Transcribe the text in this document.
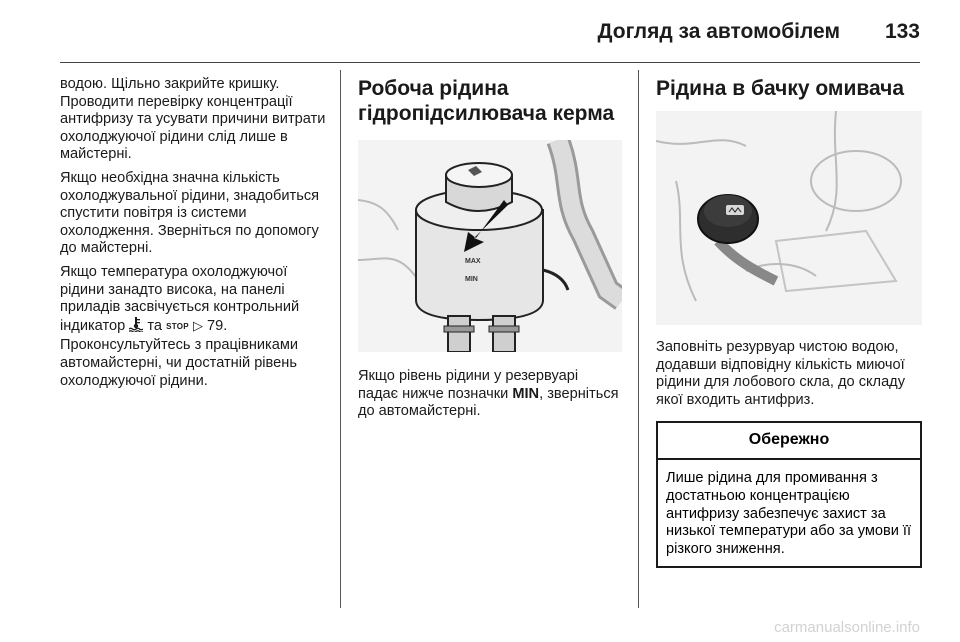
Догляд за автомобілем 133

водою. Щільно закрийте кришку. Проводити перевірку концентрації антифризу та усувати причини витрати охолоджуючої рідини слід лише в майстерні.

Якщо необхідна значна кількість охолоджувальної рідини, знадобиться спустити повітря із системи охолодження. Зверніться по допомогу до майстерні.

Якщо температура охолоджуючої рідини занадто висока, на панелі приладів засвічується контрольний індикатор та STOP ▷ 79. Проконсультуйтесь з працівниками автомайстерні, чи достатній рівень охолоджуючої рідини.

Робоча рідина гідропідсилювача керма
MAX
MIN

Якщо рівень рідини у резервуарі падає нижче позначки MIN, зверніться до автомайстерні.

Рідина в бачку омивача

Заповніть резурвуар чистою водою, додавши відповідну кількість миючої рідини для лобового скла, до складу якої входить антифриз.

Обережно
Лише рідина для промивання з достатньою концентрацією антифризу забезпечує захист за низької температури або за умови її різкого зниження.
carmanualsonline.info
